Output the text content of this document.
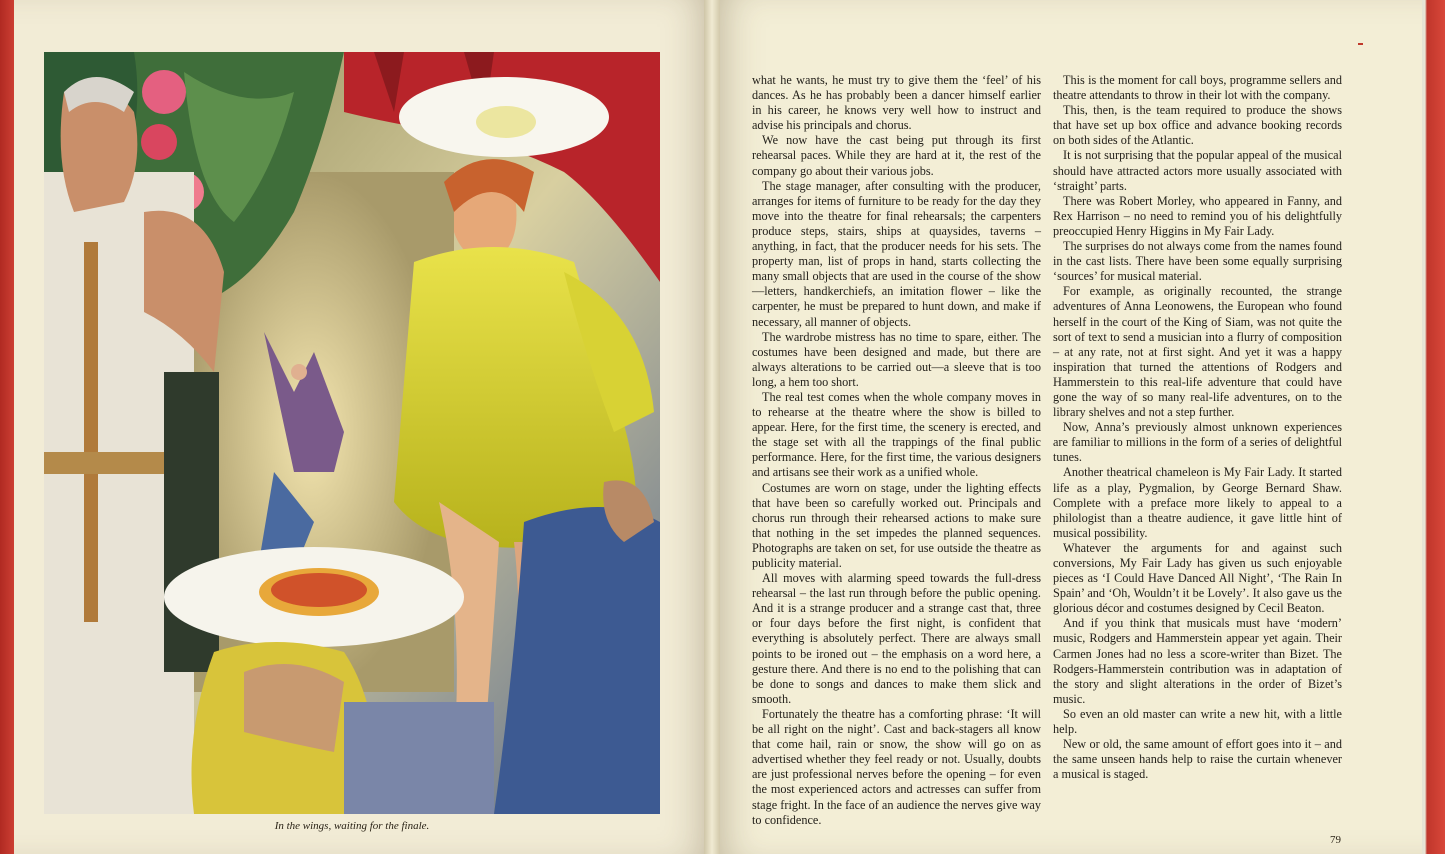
In the wings, waiting for the finale.

what he wants, he must try to give them the ‘feel’ of his dances. As he has probably been a dancer himself earlier in his career, he knows very well how to instruct and advise his principals and chorus.

We now have the cast being put through its first rehearsal paces. While they are hard at it, the rest of the company go about their various jobs.

The stage manager, after consulting with the producer, arranges for items of furniture to be ready for the day they move into the theatre for final rehearsals; the carpenters produce steps, stairs, ships at quaysides, taverns – anything, in fact, that the producer needs for his sets. The property man, list of props in hand, starts collecting the many small objects that are used in the course of the show—letters, handkerchiefs, an imitation flower – like the carpenter, he must be prepared to hunt down, and make if necessary, all manner of objects.

The wardrobe mistress has no time to spare, either. The costumes have been designed and made, but there are always alterations to be carried out—a sleeve that is too long, a hem too short.

The real test comes when the whole company moves in to rehearse at the theatre where the show is billed to appear. Here, for the first time, the scenery is erected, and the stage set with all the trappings of the final public performance. Here, for the first time, the various designers and artisans see their work as a unified whole.

Costumes are worn on stage, under the lighting effects that have been so carefully worked out. Principals and chorus run through their rehearsed actions to make sure that nothing in the set impedes the planned sequences. Photographs are taken on set, for use outside the theatre as publicity material.

All moves with alarming speed towards the full-dress rehearsal – the last run through before the public opening. And it is a strange producer and a strange cast that, three or four days before the first night, is confident that everything is absolutely perfect. There are always small points to be ironed out – the emphasis on a word here, a gesture there. And there is no end to the polishing that can be done to songs and dances to make them slick and smooth.

Fortunately the theatre has a comforting phrase: ‘It will be all right on the night’. Cast and back-stagers all know that come hail, rain or snow, the show will go on as advertised whether they feel ready or not. Usually, doubts are just professional nerves before the opening – for even the most experienced actors and actresses can suffer from stage fright. In the face of an audience the nerves give way to confidence.

This is the moment for call boys, programme sellers and theatre attendants to throw in their lot with the company.

This, then, is the team required to produce the shows that have set up box office and advance booking records on both sides of the Atlantic.

It is not surprising that the popular appeal of the musical should have attracted actors more usually associated with ‘straight’ parts.

There was Robert Morley, who appeared in Fanny, and Rex Harrison – no need to remind you of his delightfully preoccupied Henry Higgins in My Fair Lady.

The surprises do not always come from the names found in the cast lists. There have been some equally surprising ‘sources’ for musical material.

For example, as originally recounted, the strange adventures of Anna Leonowens, the European who found herself in the court of the King of Siam, was not quite the sort of text to send a musician into a flurry of composition – at any rate, not at first sight. And yet it was a happy inspiration that turned the attentions of Rodgers and Hammerstein to this real-life adventure that could have gone the way of so many real-life adventures, on to the library shelves and not a step further.

Now, Anna’s previously almost unknown experiences are familiar to millions in the form of a series of delightful tunes.

Another theatrical chameleon is My Fair Lady. It started life as a play, Pygmalion, by George Bernard Shaw. Complete with a preface more likely to appeal to a philologist than a theatre audience, it gave little hint of musical possibility.

Whatever the arguments for and against such conversions, My Fair Lady has given us such enjoyable pieces as ‘I Could Have Danced All Night’, ‘The Rain In Spain’ and ‘Oh, Wouldn’t it be Lovely’. It also gave us the glorious décor and costumes designed by Cecil Beaton.

And if you think that musicals must have ‘modern’ music, Rodgers and Hammerstein appear yet again. Their Carmen Jones had no less a score-writer than Bizet. The Rodgers-Hammerstein contribution was in adaptation of the story and slight alterations in the order of Bizet’s music.

So even an old master can write a new hit, with a little help.

New or old, the same amount of effort goes into it – and the same unseen hands help to raise the curtain whenever a musical is staged.

79
